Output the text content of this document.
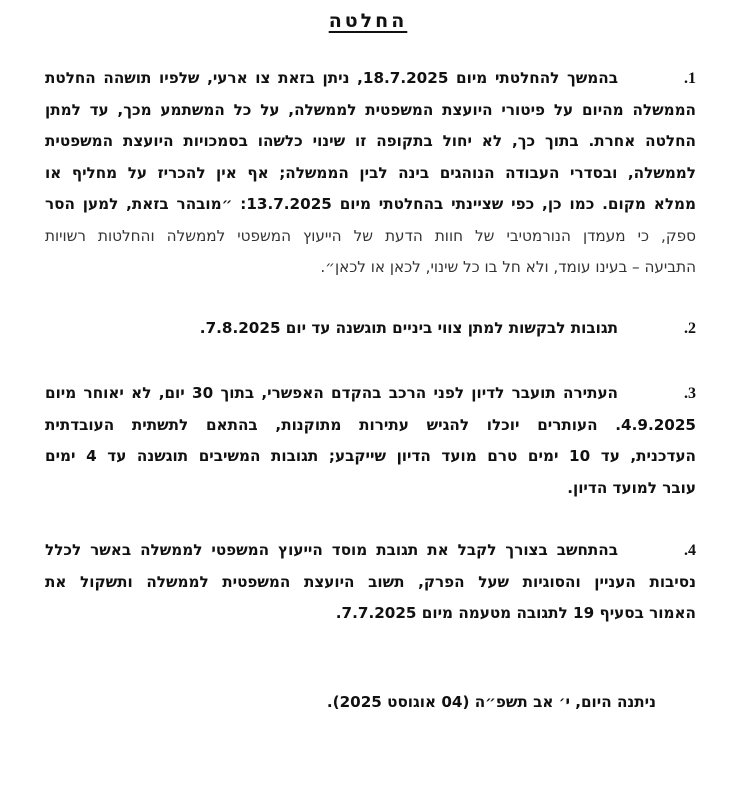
החלטה
1.בהמשך להחלטתי מיום 18.7.2025, ניתן בזאת צו ארעי, שלפיו תושהה החלטת
הממשלה מהיום על פיטורי היועצת המשפטית לממשלה, על כל המשתמע מכך, עד למתן
החלטה אחרת. בתוך כך, לא יחול בתקופה זו שינוי כלשהו בסמכויות היועצת המשפטית
לממשלה, ובסדרי העבודה הנוהגים בינה לבין הממשלה; אף אין להכריז על מחליף או
ממלא מקום. כמו כן, כפי שציינתי בהחלטתי מיום 13.7.2025: ״מובהר בזאת, למען הסר
ספק, כי מעמדן הנורמטיבי של חוות הדעת של הייעוץ המשפטי לממשלה והחלטות רשויות
התביעה – בעינו עומד, ולא חל בו כל שינוי, לכאן או לכאן״.
2.תגובות לבקשות למתן צווי ביניים תוגשנה עד יום 7.8.2025.
3.העתירה תועבר לדיון לפני הרכב בהקדם האפשרי, בתוך 30 יום, לא יאוחר מיום
4.9.2025. העותרים יוכלו להגיש עתירות מתוקנות, בהתאם לתשתית העובדתית
העדכנית, עד 10 ימים טרם מועד הדיון שייקבע; תגובות המשיבים תוגשנה עד 4 ימים
עובר למועד הדיון.
4.בהתחשב בצורך לקבל את תגובת מוסד הייעוץ המשפטי לממשלה באשר לכלל
נסיבות העניין והסוגיות שעל הפרק, תשוב היועצת המשפטית לממשלה ותשקול את
האמור בסעיף 19 לתגובה מטעמה מיום 7.7.2025.
ניתנה היום, י׳ אב תשפ״ה (04 אוגוסט 2025).
